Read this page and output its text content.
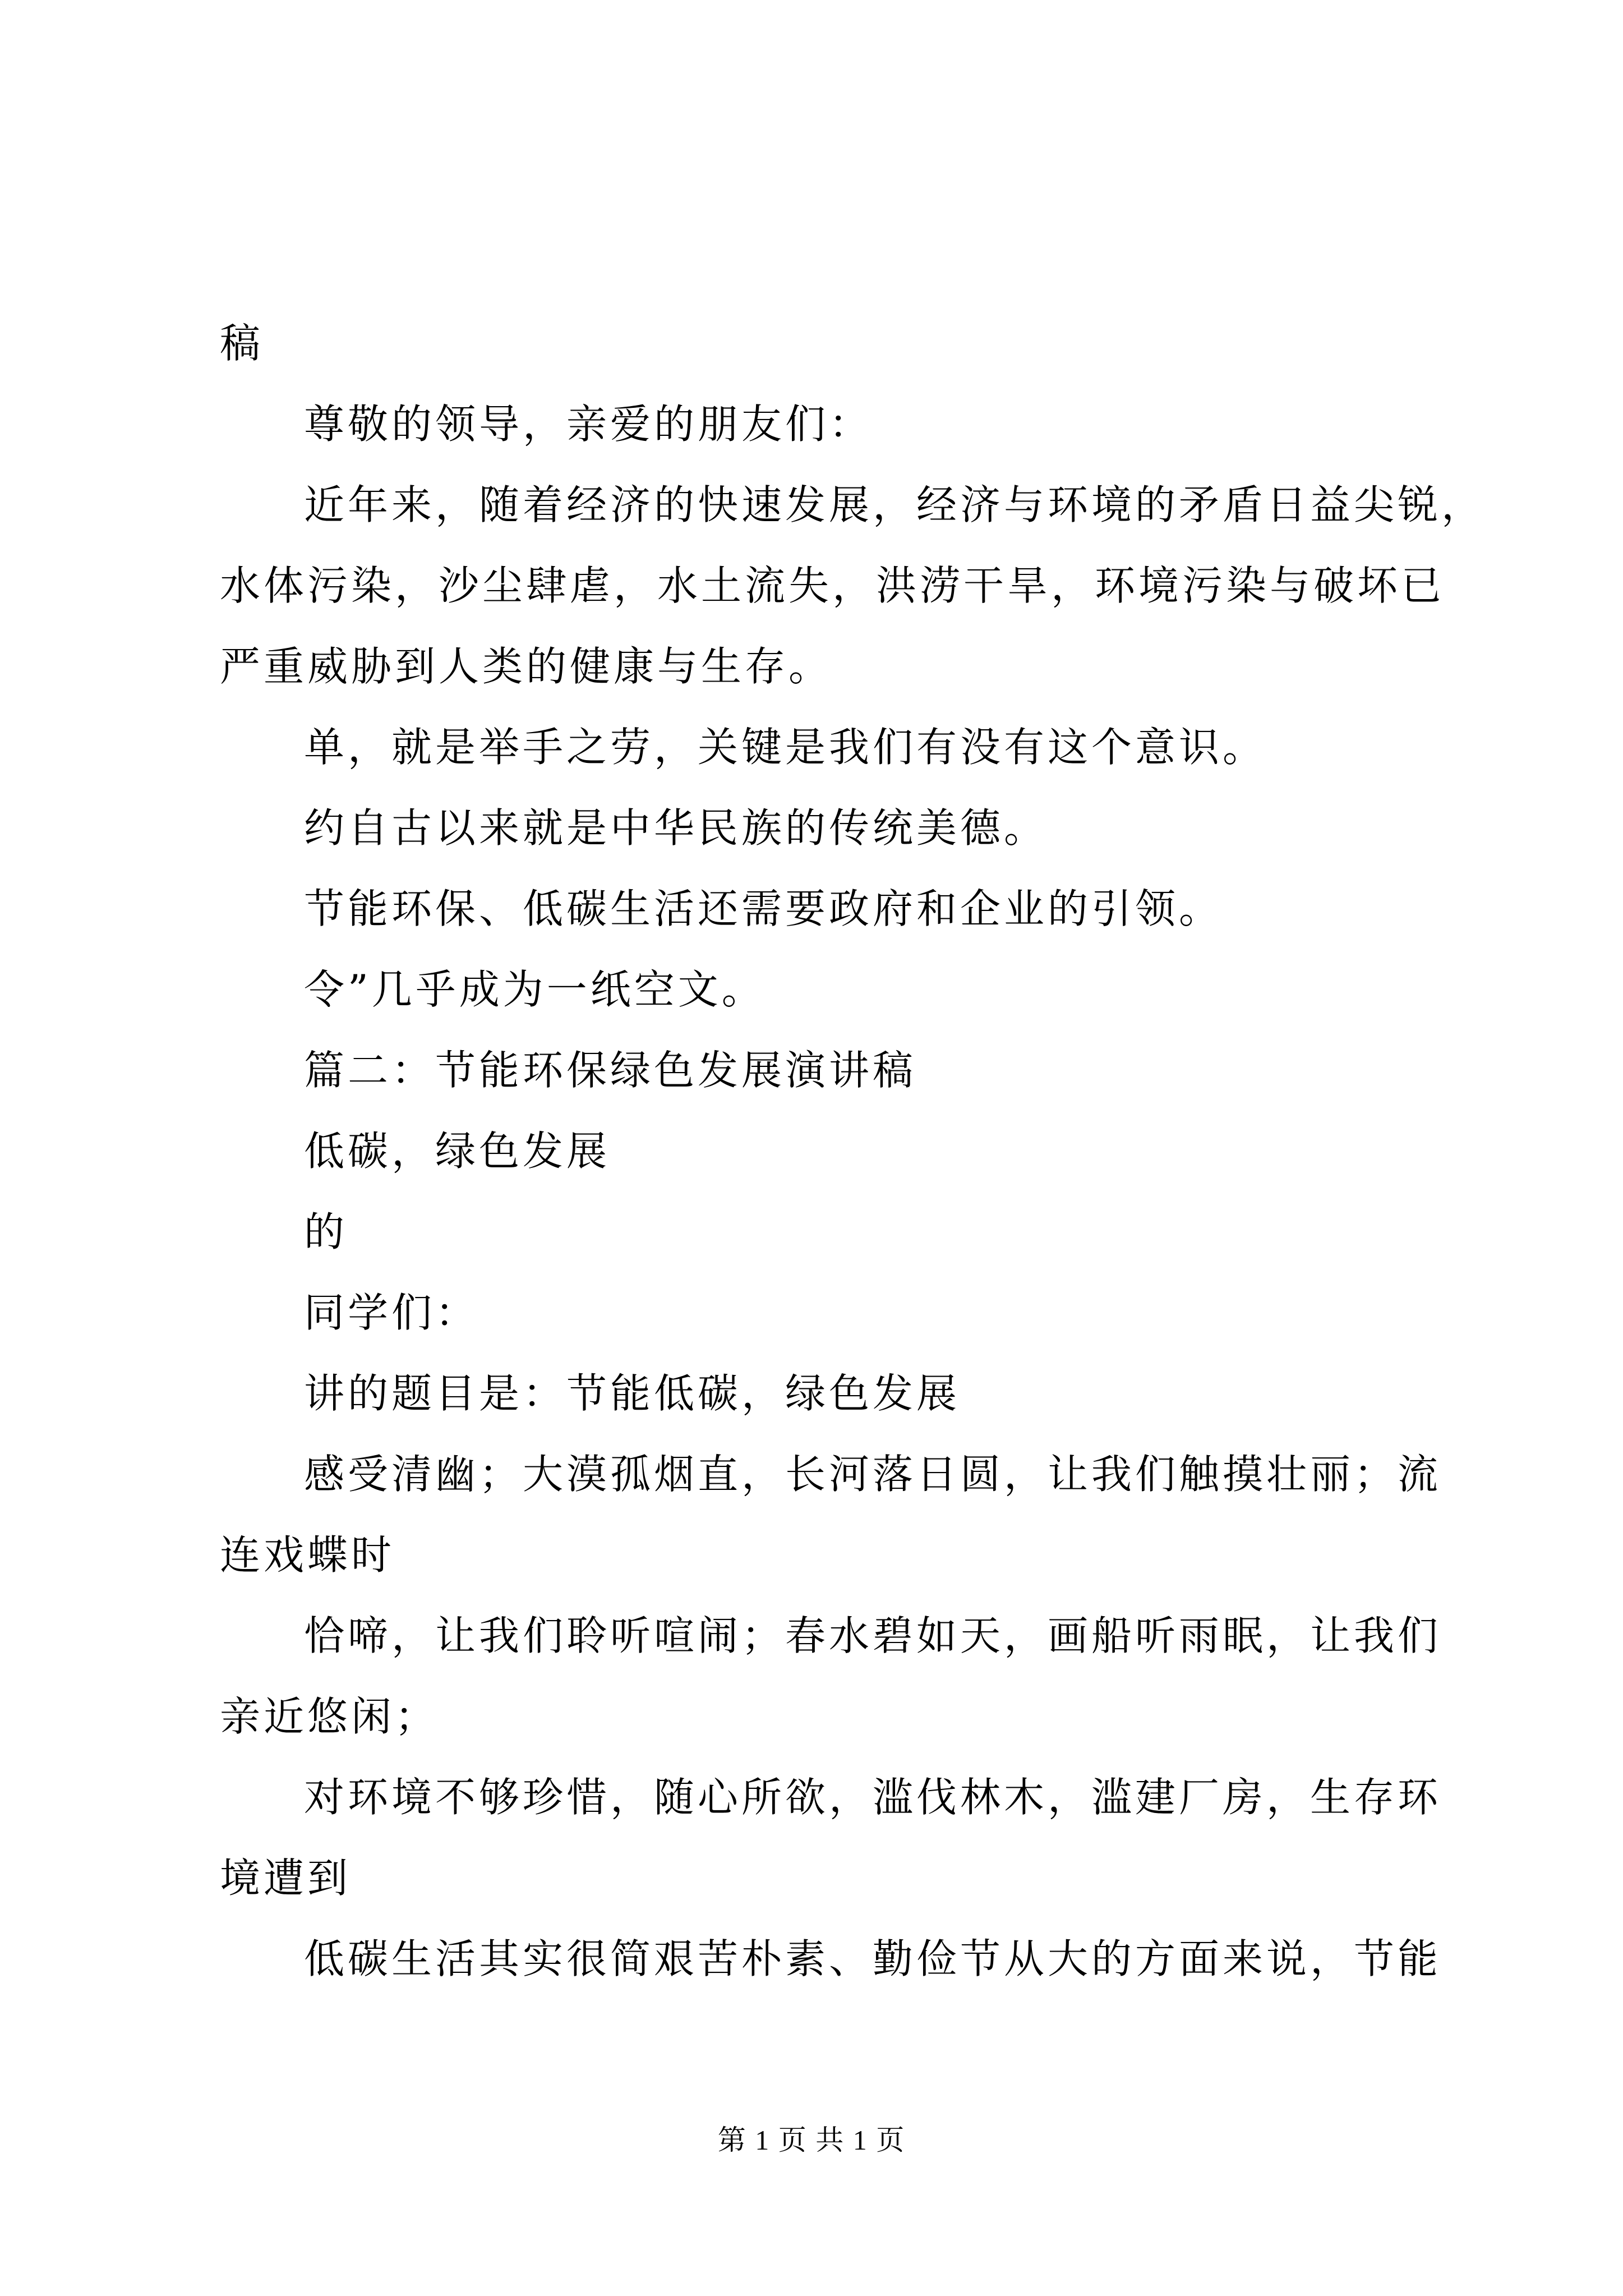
稿
尊敬的领导，亲爱的朋友们：
近年来，随着经济的快速发展，经济与环境的矛盾日益尖锐，
水体污染，沙尘肆虐，水土流失，洪涝干旱，环境污染与破坏已
严重威胁到人类的健康与生存。
单，就是举手之劳，关键是我们有没有这个意识。
约自古以来就是中华民族的传统美德。
节能环保、低碳生活还需要政府和企业的引领。
令”几乎成为一纸空文。
篇二：节能环保绿色发展演讲稿
低碳，绿色发展
的
同学们：
讲的题目是：节能低碳，绿色发展
感受清幽；大漠孤烟直，长河落日圆，让我们触摸壮丽；流
连戏蝶时
恰啼，让我们聆听喧闹；春水碧如天，画船听雨眠，让我们
亲近悠闲；
对环境不够珍惜，随心所欲，滥伐林木，滥建厂房，生存环
境遭到
低碳生活其实很简艰苦朴素、勤俭节从大的方面来说，节能
第 1 页 共 1 页
